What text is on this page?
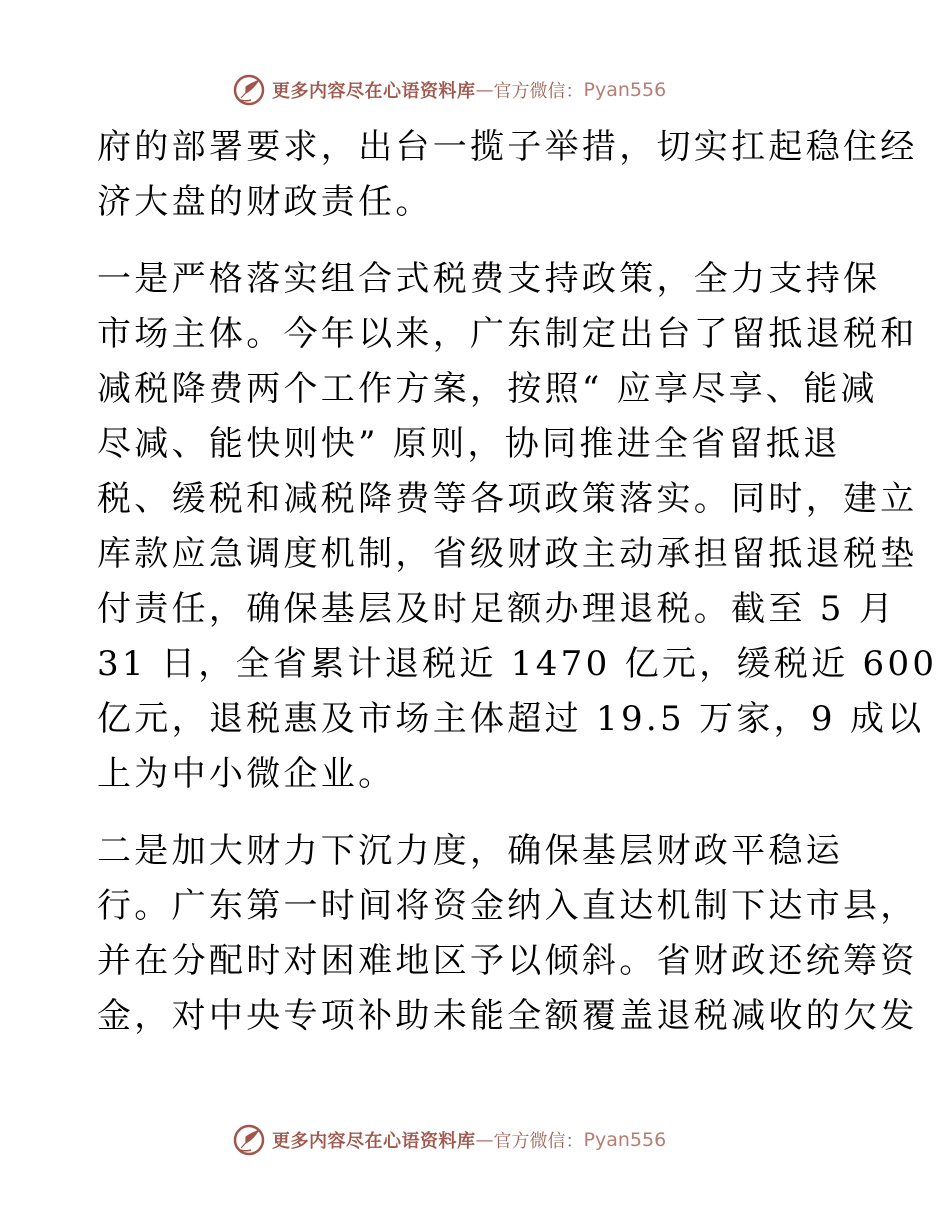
更多内容尽在心语资料库 — 官方微信： Pyan556
府的部署要求，出台一揽子举措，切实扛起稳住经
济大盘的财政责任。
一是严格落实组合式税费支持政策，全力支持保
市场主体。今年以来，广东制定出台了留抵退税和
减税降费两个工作方案，按照“ 应享尽享、能减
尽减、能快则快” 原则，协同推进全省留抵退
税、缓税和减税降费等各项政策落实。同时，建立
库款应急调度机制，省级财政主动承担留抵退税垫
付责任，确保基层及时足额办理退税。截至 5 月
31 日，全省累计退税近 1470 亿元，缓税近 600
亿元，退税惠及市场主体超过 19.5 万家，9 成以
上为中小微企业。
二是加大财力下沉力度，确保基层财政平稳运
行。广东第一时间将资金纳入直达机制下达市县，
并在分配时对困难地区予以倾斜。省财政还统筹资
金，对中央专项补助未能全额覆盖退税减收的欠发
更多内容尽在心语资料库 — 官方微信： Pyan556
